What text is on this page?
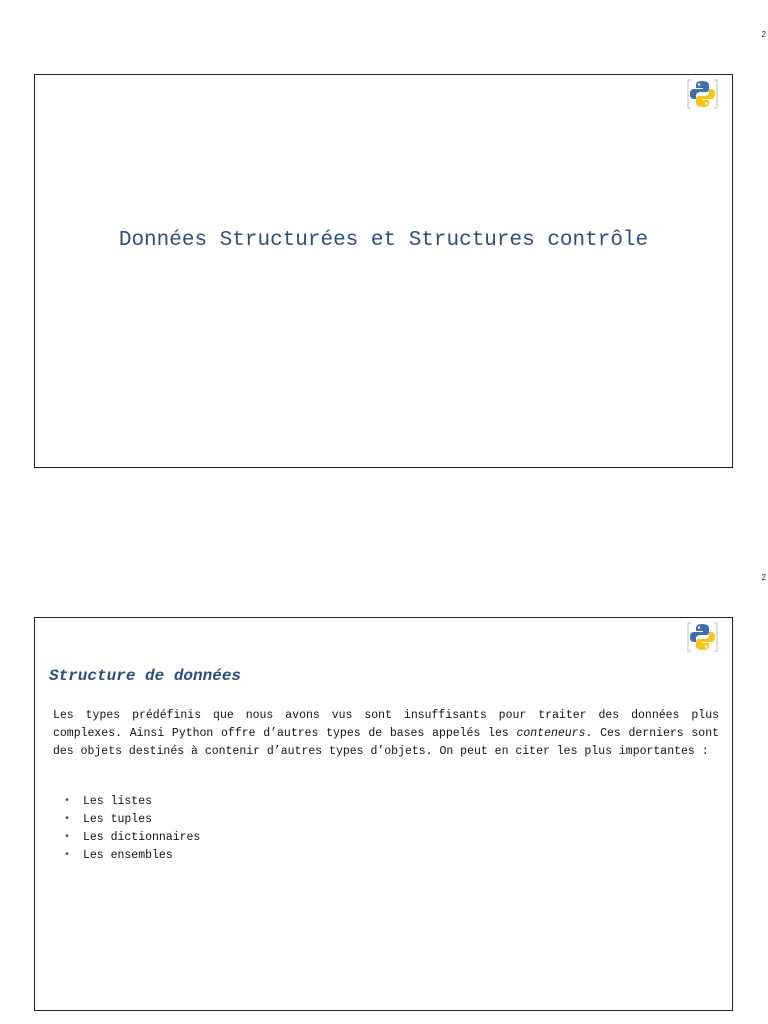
2
Données Structurées et Structures contrôle
2
Structure de données
Les types prédéfinis que nous avons vus sont insuffisants pour traiter des données plus complexes. Ainsi Python offre d’autres types de bases appelés les conteneurs. Ces derniers sont des objets destinés à contenir d’autres types d’objets. On peut en citer les plus importantes :
• Les listes
• Les tuples
• Les dictionnaires
• Les ensembles
